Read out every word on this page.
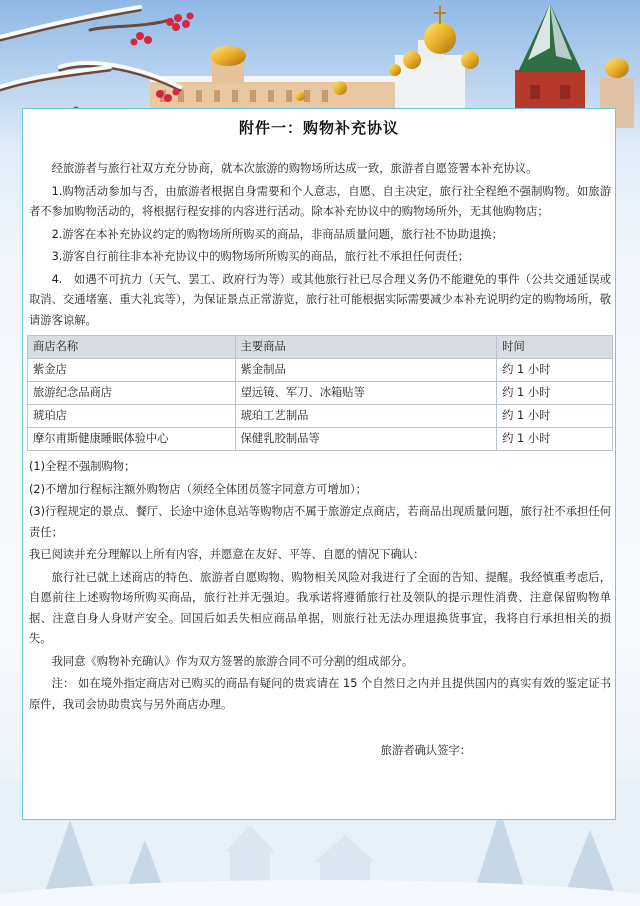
附件一：购物补充协议

经旅游者与旅行社双方充分协商，就本次旅游的购物场所达成一致，旅游者自愿签署本补充协议。

1.购物活动参加与否，由旅游者根据自身需要和个人意志，自愿、自主决定，旅行社全程绝不强制购物。如旅游者不参加购物活动的，将根据行程安排的内容进行活动。除本补充协议中的购物场所外，无其他购物店；

2.游客在本补充协议约定的购物场所所购买的商品，非商品质量问题，旅行社不协助退换；

3.游客自行前往非本补充协议中的购物场所所购买的商品，旅行社不承担任何责任；

4.　如遇不可抗力（天气、罢工、政府行为等）或其他旅行社已尽合理义务仍不能避免的事件（公共交通延误或取消、交通堵塞、重大礼宾等），为保证景点正常游览，旅行社可能根据实际需要减少本补充说明约定的购物场所，敬请游客谅解。

商店名称	主要商品	时间
紫金店	紫金制品	约 1 小时
旅游纪念品商店	望远镜、军刀、冰箱贴等	约 1 小时
琥珀店	琥珀工艺制品	约 1 小时
摩尔甫斯健康睡眠体验中心	保健乳胶制品等	约 1 小时

(1)全程不强制购物；

(2)不增加行程标注额外购物店（须经全体团员签字同意方可增加）；

(3)行程规定的景点、餐厅、长途中途休息站等购物店不属于旅游定点商店，若商品出现质量问题，旅行社不承担任何责任；

我已阅读并充分理解以上所有内容，并愿意在友好、平等、自愿的情况下确认：

旅行社已就上述商店的特色、旅游者自愿购物、购物相关风险对我进行了全面的告知、提醒。我经慎重考虑后，自愿前往上述购物场所购买商品，旅行社并无强迫。我承诺将遵循旅行社及领队的提示理性消费、注意保留购物单据、注意自身人身财产安全。回国后如丢失相应商品单据，则旅行社无法办理退换货事宜，我将自行承担相关的损失。

我同意《购物补充确认》作为双方签署的旅游合同不可分割的组成部分。

注： 如在境外指定商店对已购买的商品有疑问的贵宾请在 15 个自然日之内并且提供国内的真实有效的鉴定证书原件，我司会协助贵宾与另外商店办理。

旅游者确认签字：
